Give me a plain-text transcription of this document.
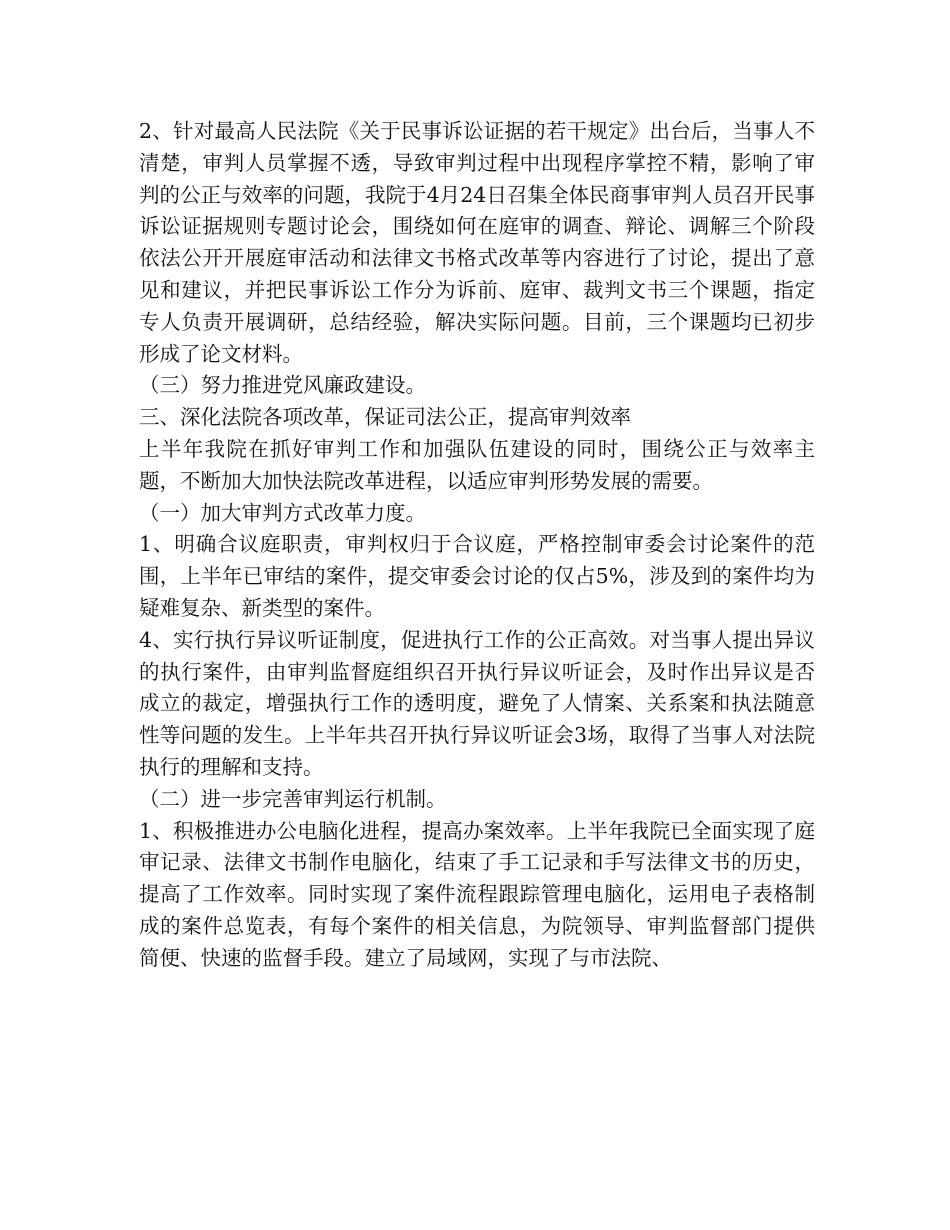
2、针对最高人民法院《关于民事诉讼证据的若干规定》出台后，当事人不清楚，审判人员掌握不透，导致审判过程中出现程序掌控不精，影响了审判的公正与效率的问题，我院于4月24日召集全体民商事审判人员召开民事诉讼证据规则专题讨论会，围绕如何在庭审的调查、辩论、调解三个阶段依法公开开展庭审活动和法律文书格式改革等内容进行了讨论，提出了意见和建议，并把民事诉讼工作分为诉前、庭审、裁判文书三个课题，指定专人负责开展调研，总结经验，解决实际问题。目前，三个课题均已初步形成了论文材料。

（三）努力推进党风廉政建设。

三、深化法院各项改革，保证司法公正，提高审判效率

上半年我院在抓好审判工作和加强队伍建设的同时，围绕公正与效率主题，不断加大加快法院改革进程，以适应审判形势发展的需要。

（一）加大审判方式改革力度。

1、明确合议庭职责，审判权归于合议庭，严格控制审委会讨论案件的范围，上半年已审结的案件，提交审委会讨论的仅占5%，涉及到的案件均为疑难复杂、新类型的案件。

4、实行执行异议听证制度，促进执行工作的公正高效。对当事人提出异议的执行案件，由审判监督庭组织召开执行异议听证会，及时作出异议是否成立的裁定，增强执行工作的透明度，避免了人情案、关系案和执法随意性等问题的发生。上半年共召开执行异议听证会3场，取得了当事人对法院执行的理解和支持。

（二）进一步完善审判运行机制。

1、积极推进办公电脑化进程，提高办案效率。上半年我院已全面实现了庭审记录、法律文书制作电脑化，结束了手工记录和手写法律文书的历史，提高了工作效率。同时实现了案件流程跟踪管理电脑化，运用电子表格制成的案件总览表，有每个案件的相关信息，为院领导、审判监督部门提供简便、快速的监督手段。建立了局域网，实现了与市法院、
